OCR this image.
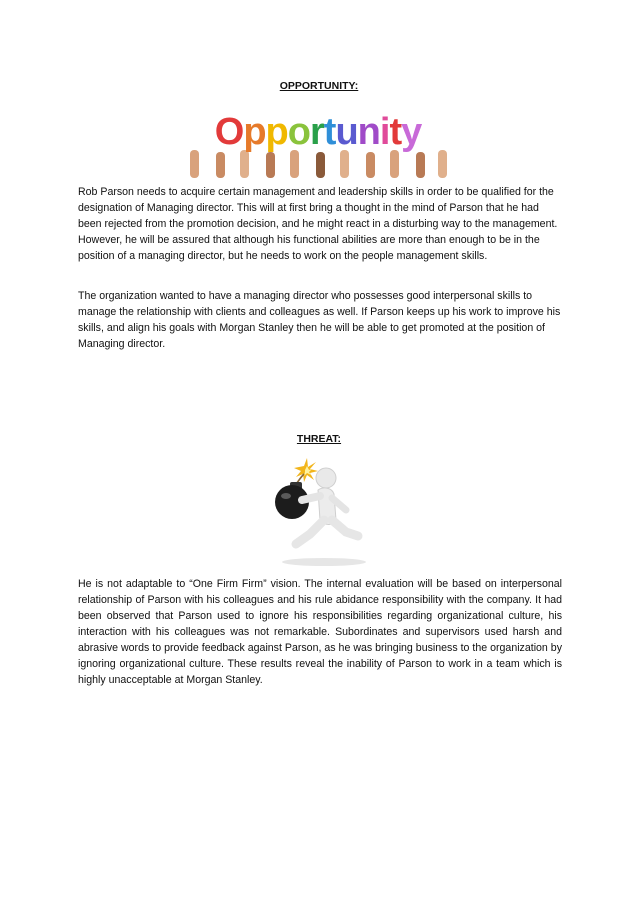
OPPORTUNITY:
Opportunity
Rob Parson needs to acquire certain management and leadership skills in order to be qualified for the designation of Managing director. This will at first bring a thought in the mind of Parson that he had been rejected from the promotion decision, and he might react in a disturbing way to the management. However, he will be assured that although his functional abilities are more than enough to be in the position of a managing director, but he needs to work on the people management skills.
The organization wanted to have a managing director who possesses good interpersonal skills to manage the relationship with clients and colleagues as well. If Parson keeps up his work to improve his skills, and align his goals with Morgan Stanley then he will be able to get promoted at the position of Managing director.
THREAT:
He is not adaptable to “One Firm Firm” vision. The internal evaluation will be based on interpersonal relationship of Parson with his colleagues and his rule abidance responsibility with the company. It had been observed that Parson used to ignore his responsibilities regarding organizational culture, his interaction with his colleagues was not remarkable. Subordinates and supervisors used harsh and abrasive words to provide feedback against Parson, as he was bringing business to the organization by ignoring organizational culture. These results reveal the inability of Parson to work in a team which is highly unacceptable at Morgan Stanley.
